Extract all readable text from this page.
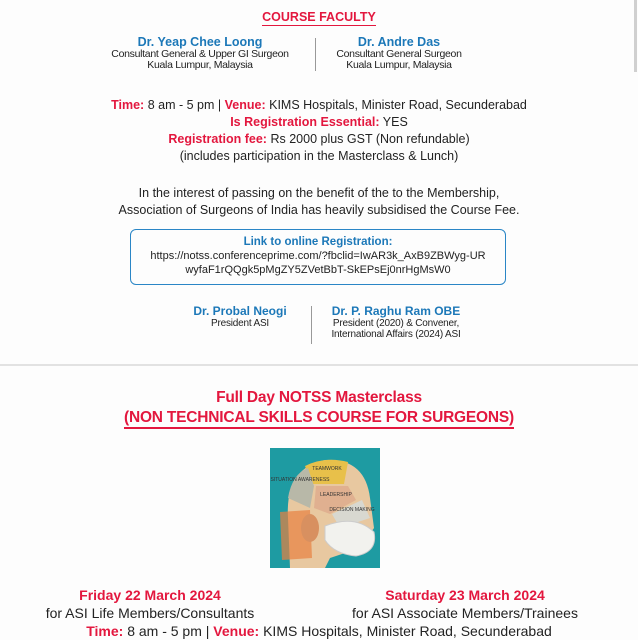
COURSE FACULTY
Dr. Yeap Chee Loong
Consultant General & Upper GI Surgeon
Kuala Lumpur, Malaysia
Dr. Andre Das
Consultant General Surgeon
Kuala Lumpur, Malaysia
Time: 8 am - 5 pm | Venue: KIMS Hospitals, Minister Road, Secunderabad
Is Registration Essential: YES
Registration fee: Rs 2000 plus GST (Non refundable)
(includes participation in the Masterclass & Lunch)
In the interest of passing on the benefit of the to the Membership,
Association of Surgeons of India has heavily subsidised the Course Fee.
Link to online Registration:
https://notss.conferenceprime.com/?fbclid=IwAR3k_AxB9ZBWyg-UR
wyfaF1rQQgk5pMgZY5ZVetBbT-SkEPsEj0nrHgMsW0
Dr. Probal Neogi
President ASI
Dr. P. Raghu Ram OBE
President (2020) & Convener,
International Affairs (2024) ASI
Full Day NOTSS Masterclass
(NON TECHNICAL SKILLS COURSE FOR SURGEONS)
TEAMWORK
SITUATION AWARENESS
LEADERSHIP
DECISION MAKING
Friday 22 March 2024
for ASI Life Members/Consultants
Saturday 23 March 2024
for ASI Associate Members/Trainees
Time: 8 am - 5 pm | Venue: KIMS Hospitals, Minister Road, Secunderabad
